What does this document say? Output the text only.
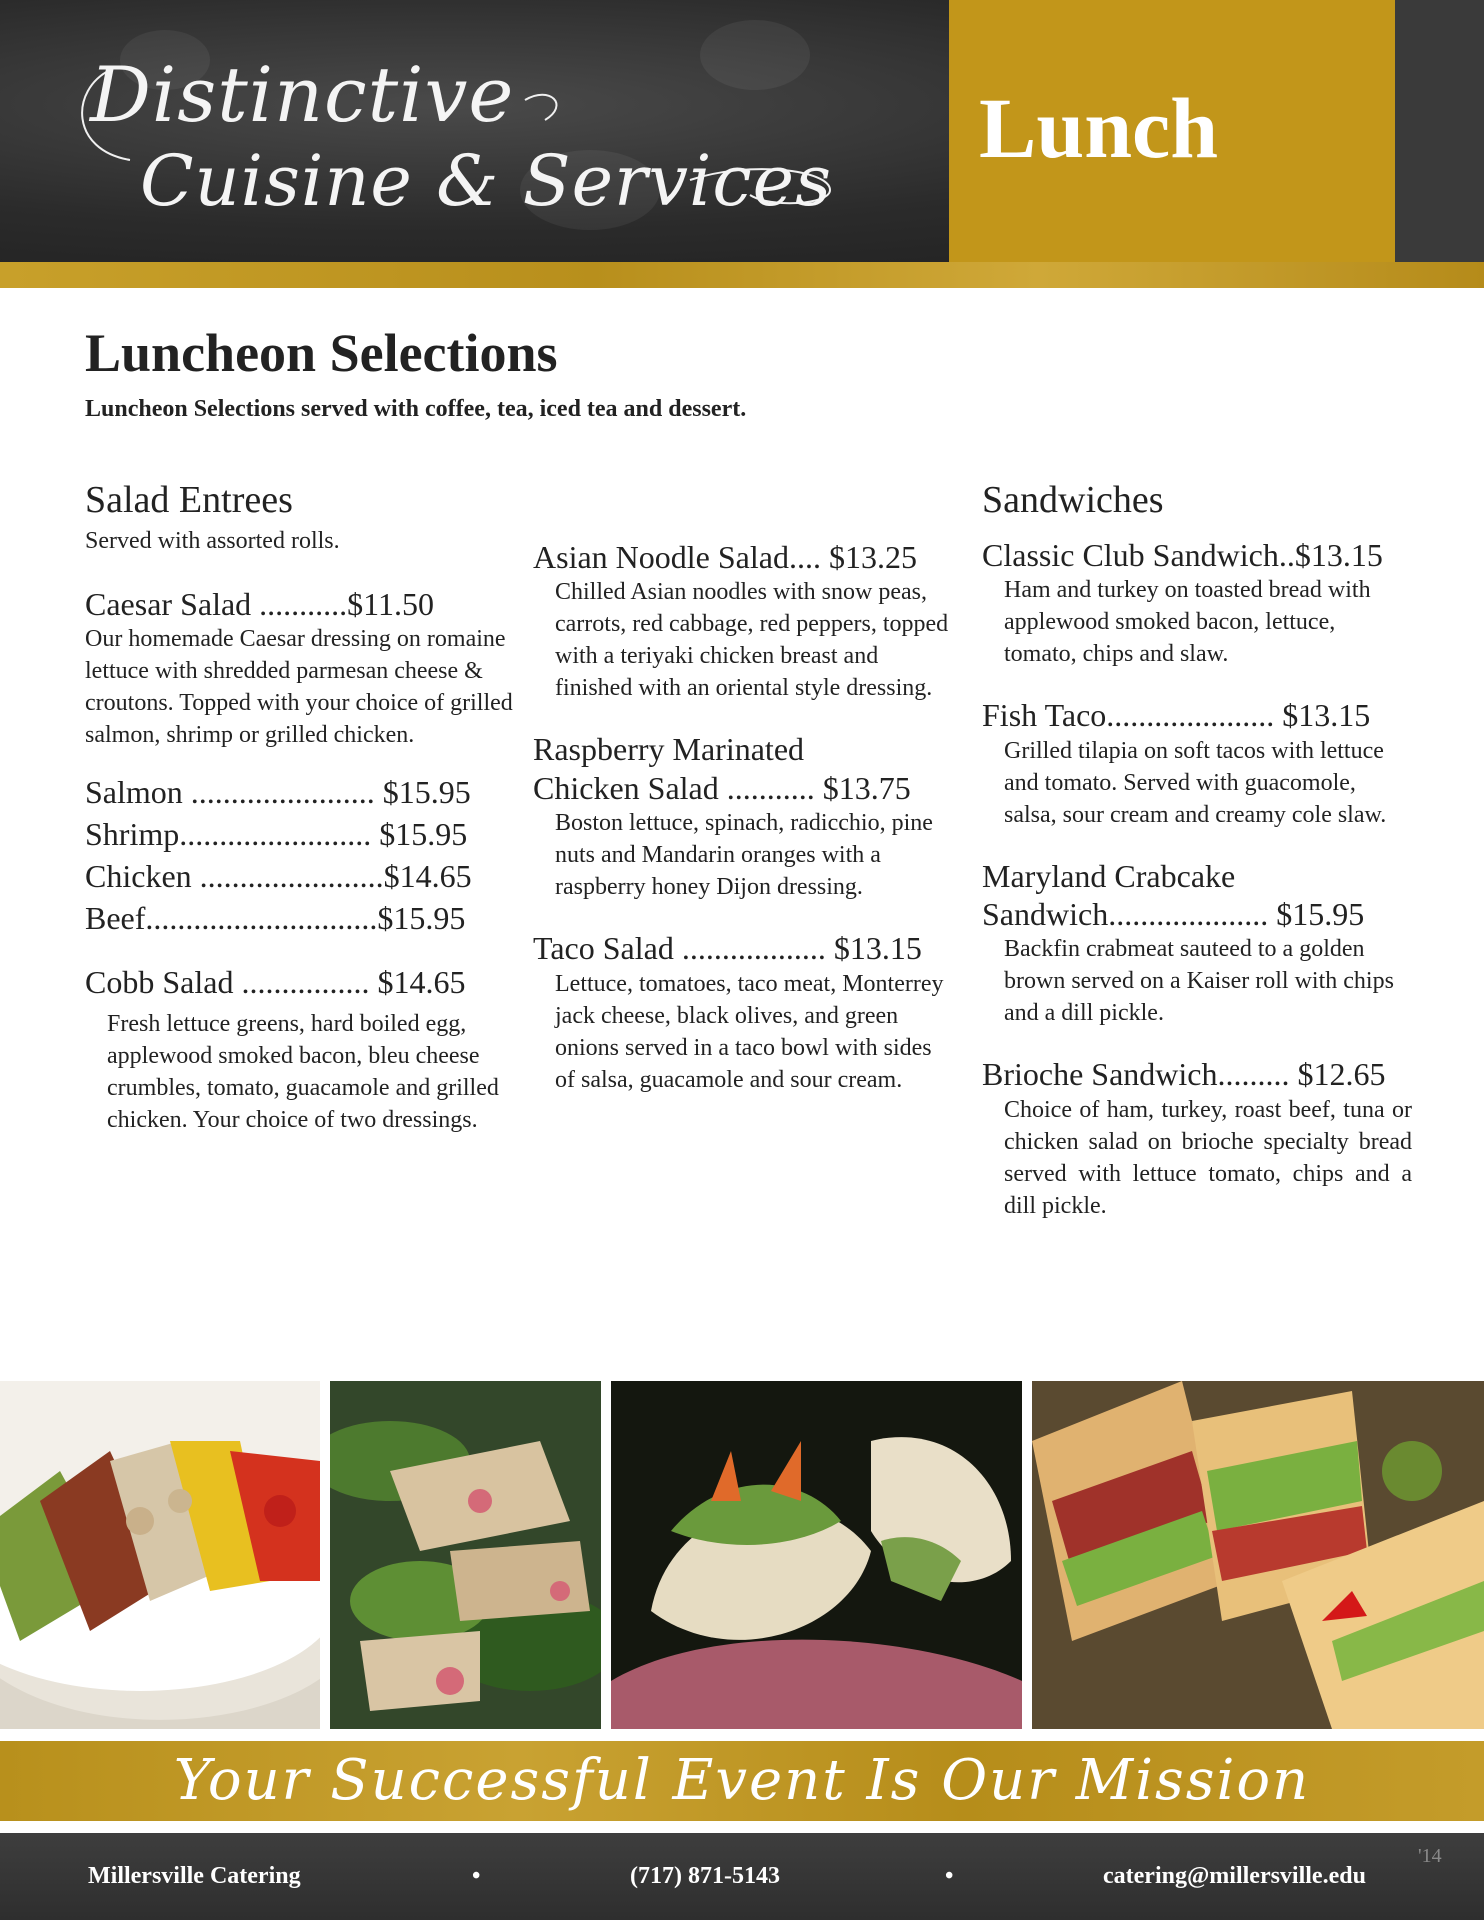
Distinctive
Cuisine & Services
Lunch
Luncheon Selections

Luncheon Selections served with coffee, tea, iced tea and dessert.

Salad Entrees
Served with assorted rolls.
Caesar Salad ...........$11.50
Our homemade Caesar dressing on romaine lettuce with shredded parmesan cheese & croutons. Topped with your choice of grilled salmon, shrimp or grilled chicken.
Salmon ....................... $15.95
Shrimp........................ $15.95
Chicken .......................$14.65
Beef.............................$15.95
Cobb Salad ................ $14.65
Fresh lettuce greens, hard boiled egg, applewood smoked bacon, bleu cheese crumbles, tomato, guacamole and grilled chicken. Your choice of two dressings.
Asian Noodle Salad.... $13.25
Chilled Asian noodles with snow peas, carrots, red cabbage, red peppers, topped with a teriyaki chicken breast and finished with an oriental style dressing.
Raspberry Marinated
Chicken Salad ........... $13.75
Boston lettuce, spinach, radicchio, pine nuts and Mandarin oranges with a raspberry honey Dijon dressing.
Taco Salad .................. $13.15
Lettuce, tomatoes, taco meat, Monterrey jack cheese, black olives, and green onions served in a taco bowl with sides of salsa, guacamole and sour cream.
Sandwiches
Classic Club Sandwich..$13.15
Ham and turkey on toasted bread with applewood smoked bacon, lettuce, tomato, chips and slaw.
Fish Taco..................... $13.15
Grilled tilapia on soft tacos with lettuce and tomato. Served with guacomole, salsa, sour cream and creamy cole slaw.
Maryland Crabcake
Sandwich.................... $15.95
Backfin crabmeat sauteed to a golden brown served on a Kaiser roll with chips and a dill pickle.
Brioche Sandwich......... $12.65
Choice of ham, turkey, roast beef, tuna or chicken salad on brioche specialty bread served with lettuce tomato, chips and a dill pickle.
Your Successful Event Is Our Mission
Millersville Catering	•	(717) 871-5143	•	catering@millersville.edu
'14
